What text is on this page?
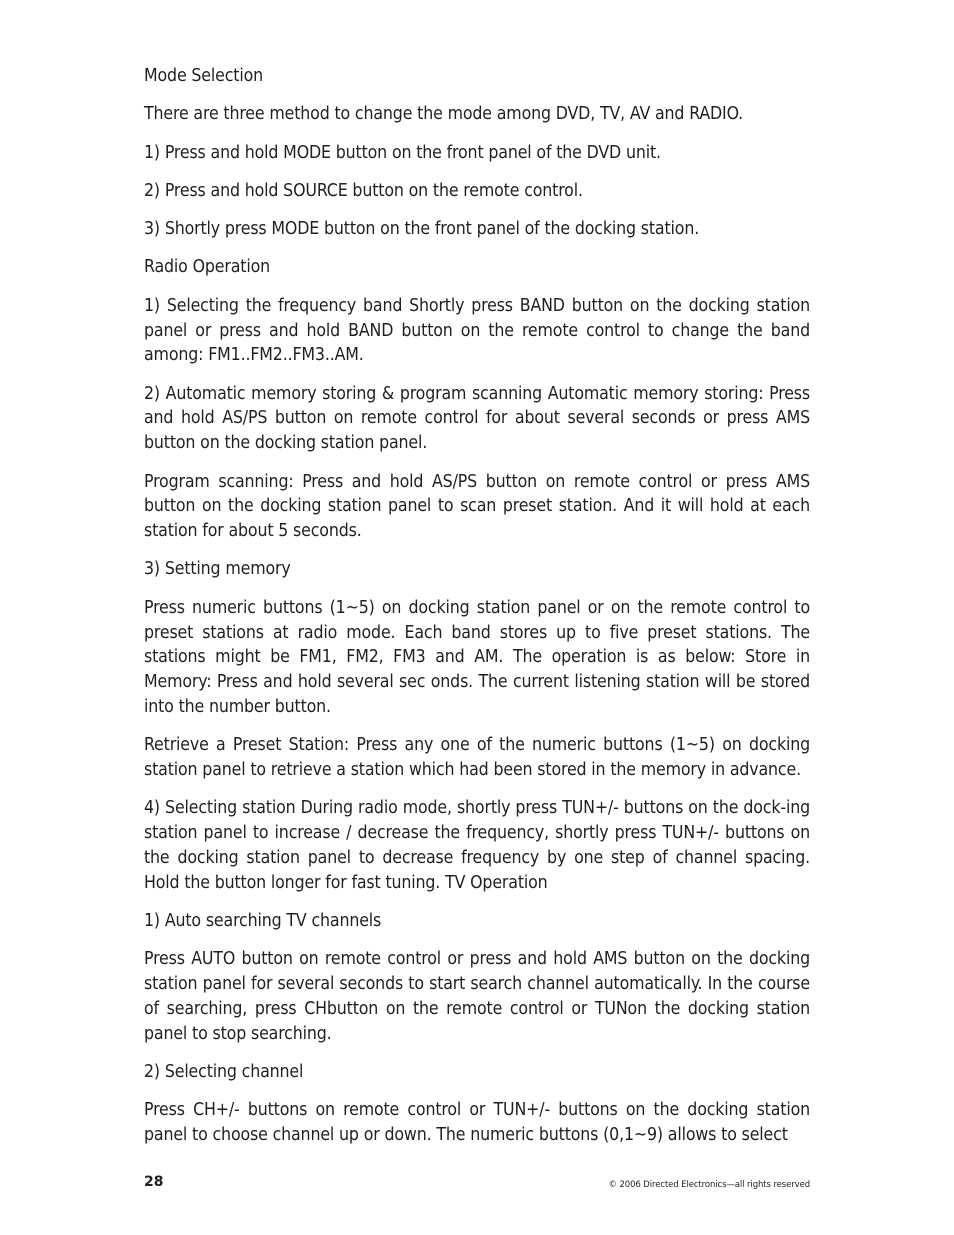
Mode Selection
There are three method to change the mode among DVD, TV, AV and RADIO.
1) Press and hold MODE button on the front panel of the DVD unit.
2) Press and hold SOURCE button on the remote control.
3) Shortly press MODE button on the front panel of the docking station.
Radio Operation
1) Selecting the frequency band Shortly press BAND button on the docking station panel or press and hold BAND button on the remote control to change the band among: FM1..FM2..FM3..AM.
2) Automatic memory storing & program scanning Automatic memory storing: Press and hold AS/PS button on remote control for about several seconds or press AMS button on the docking station panel.
Program scanning: Press and hold AS/PS button on remote control or press AMS button on the docking station panel to scan preset station. And it will hold at each station for about 5 seconds.
3) Setting memory
Press numeric buttons (1~5) on docking station panel or on the remote control to preset stations at radio mode. Each band stores up to five preset stations. The stations might be FM1, FM2, FM3 and AM. The operation is as below: Store in Memory: Press and hold several sec onds. The current listening station will be stored into the number button.
Retrieve a Preset Station: Press any one of the numeric buttons (1~5) on docking station panel to retrieve a station which had been stored in the memory in advance.
4) Selecting station During radio mode, shortly press TUN+/- buttons on the dock-ing station panel to increase / decrease the frequency, shortly press TUN+/- buttons on the docking station panel to decrease frequency by one step of channel spacing. Hold the button longer for fast tuning. TV Operation
1) Auto searching TV channels
Press AUTO button on remote control or press and hold AMS button on the docking station panel for several seconds to start search channel automatically. In the course of searching, press CHbutton on the remote control or TUNon the docking station panel to stop searching.
2) Selecting channel
Press CH+/- buttons on remote control or TUN+/- buttons on the docking station panel to choose channel up or down. The numeric buttons (0,1~9) allows to select
28	© 2006 Directed Electronics—all rights reserved
